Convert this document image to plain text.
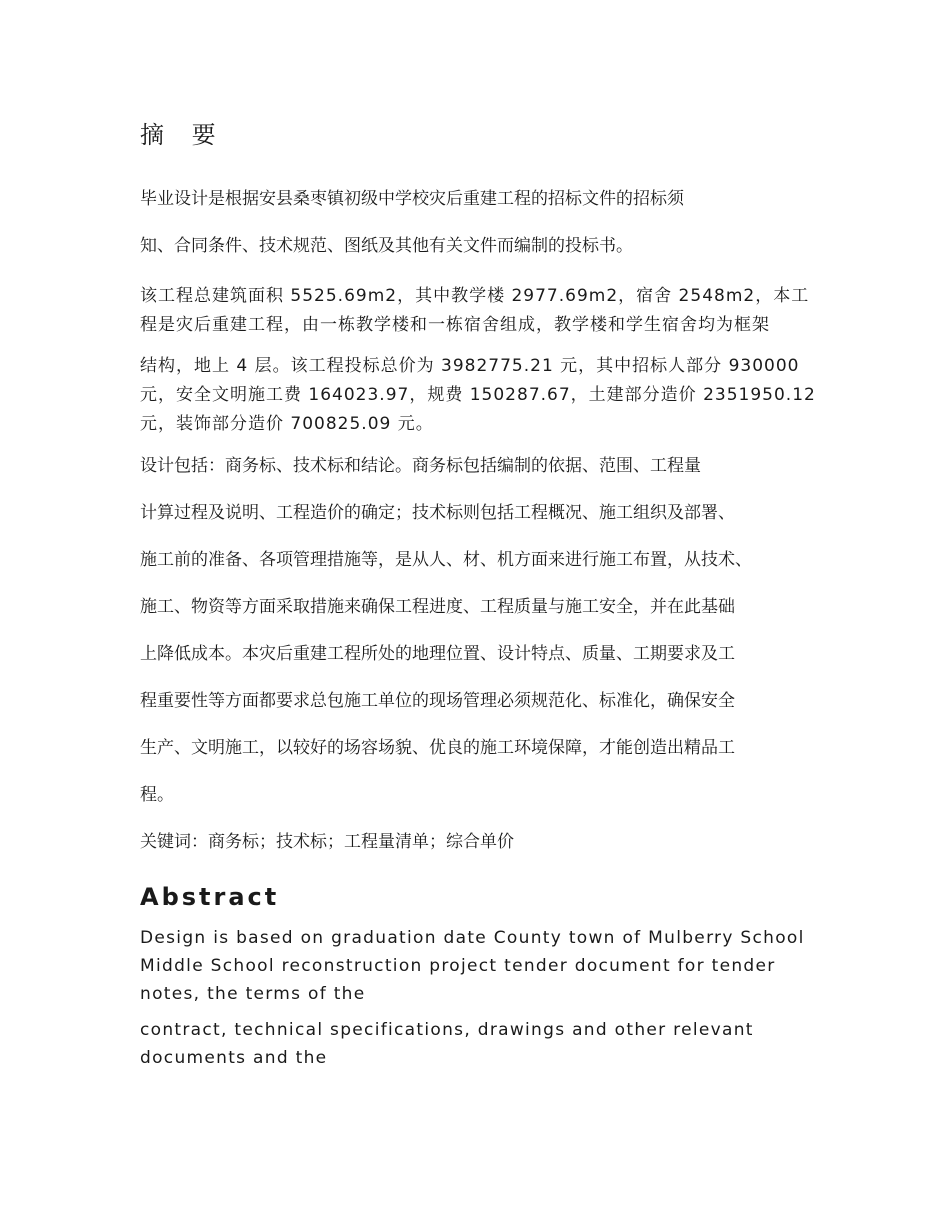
摘 要

毕业设计是根据安县桑枣镇初级中学校灾后重建工程的招标文件的招标须

知、合同条件、技术规范、图纸及其他有关文件而编制的投标书。

该工程总建筑面积 5525.69m2，其中教学楼 2977.69m2，宿舍 2548m2，本工程是灾后重建工程，由一栋教学楼和一栋宿舍组成，教学楼和学生宿舍均为框架

结构，地上 4 层。该工程投标总价为 3982775.21 元，其中招标人部分 930000 元，安全文明施工费 164023.97，规费 150287.67，土建部分造价 2351950.12 元，装饰部分造价 700825.09 元。

设计包括：商务标、技术标和结论。商务标包括编制的依据、范围、工程量

计算过程及说明、工程造价的确定；技术标则包括工程概况、施工组织及部署、

施工前的准备、各项管理措施等，是从人、材、机方面来进行施工布置，从技术、

施工、物资等方面采取措施来确保工程进度、工程质量与施工安全，并在此基础

上降低成本。本灾后重建工程所处的地理位置、设计特点、质量、工期要求及工

程重要性等方面都要求总包施工单位的现场管理必须规范化、标准化，确保安全

生产、文明施工，以较好的场容场貌、优良的施工环境保障，才能创造出精品工

程。

关键词：商务标；技术标；工程量清单；综合单价

Abstract

Design is based on graduation date County town of Mulberry School Middle School reconstruction project tender document for tender notes, the terms of the

contract, technical specifications, drawings and other relevant documents and the
